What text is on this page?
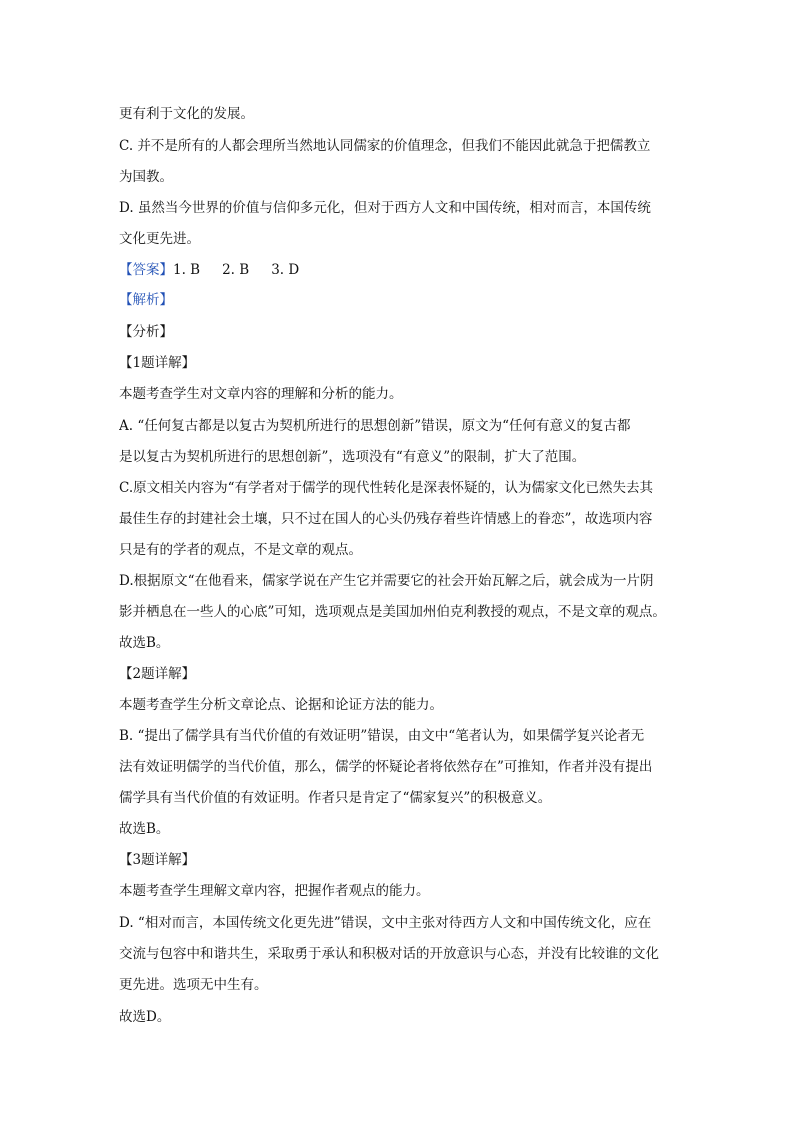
更有利于文化的发展。
C. 并不是所有的人都会理所当然地认同儒家的价值理念，但我们不能因此就急于把儒教立
为国教。
D. 虽然当今世界的价值与信仰多元化，但对于西方人文和中国传统，相对而言，本国传统
文化更先进。
【答案】1. B 2. B 3. D
【解析】
【分析】
【1题详解】
本题考查学生对文章内容的理解和分析的能力。
A. “任何复古都是以复古为契机所进行的思想创新”错误，原文为“任何有意义的复古都
是以复古为契机所进行的思想创新”，选项没有“有意义”的限制，扩大了范围。
C.原文相关内容为“有学者对于儒学的现代性转化是深表怀疑的，认为儒家文化已然失去其
最佳生存的封建社会土壤，只不过在国人的心头仍残存着些许情感上的眷恋”，故选项内容
只是有的学者的观点，不是文章的观点。
D.根据原文“在他看来，儒家学说在产生它并需要它的社会开始瓦解之后，就会成为一片阴
影并栖息在一些人的心底”可知，选项观点是美国加州伯克利教授的观点，不是文章的观点。
故选B。
【2题详解】
本题考查学生分析文章论点、论据和论证方法的能力。
B. “提出了儒学具有当代价值的有效证明”错误，由文中“笔者认为，如果儒学复兴论者无
法有效证明儒学的当代价值，那么，儒学的怀疑论者将依然存在”可推知，作者并没有提出
儒学具有当代价值的有效证明。作者只是肯定了“儒家复兴”的积极意义。
故选B。
【3题详解】
本题考查学生理解文章内容，把握作者观点的能力。
D. “相对而言，本国传统文化更先进”错误，文中主张对待西方人文和中国传统文化，应在
交流与包容中和谐共生，采取勇于承认和积极对话的开放意识与心态，并没有比较谁的文化
更先进。选项无中生有。
故选D。
